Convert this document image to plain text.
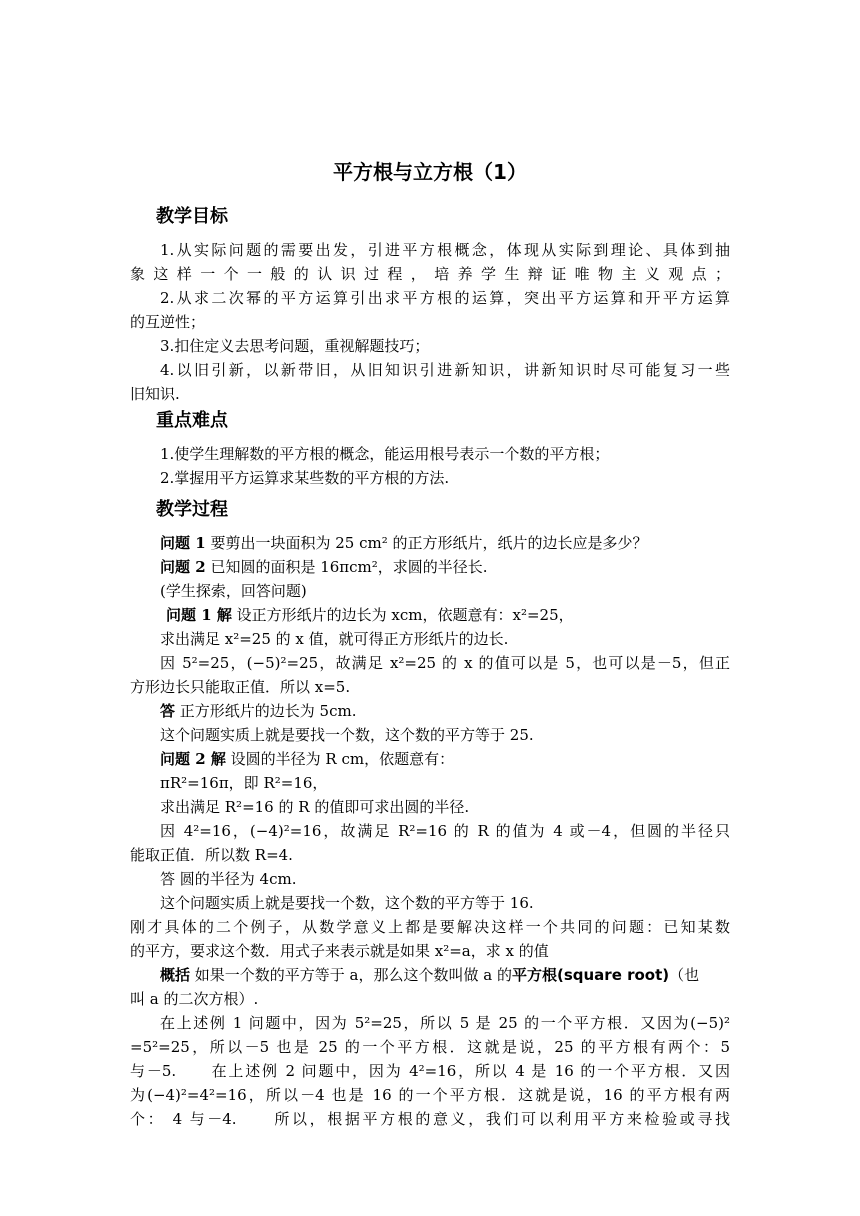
平方根与立方根（1）
教学目标
1.从实际问题的需要出发，引进平方根概念，体现从实际到理论、具体到抽
象这样一个一般的认识过程，培养学生辩证唯物主义观点；
2.从求二次幂的平方运算引出求平方根的运算，突出平方运算和开平方运算
的互逆性；
3.扣住定义去思考问题，重视解题技巧；
4.以旧引新，以新带旧，从旧知识引进新知识，讲新知识时尽可能复习一些
旧知识.
重点难点
1.使学生理解数的平方根的概念，能运用根号表示一个数的平方根；
2.掌握用平方运算求某些数的平方根的方法.
教学过程
问题 1 要剪出一块面积为 25 cm² 的正方形纸片，纸片的边长应是多少？
问题 2 已知圆的面积是 16πcm²，求圆的半径长.
(学生探索，回答问题)
问题 1 解 设正方形纸片的边长为 xcm，依题意有：x²=25，
求出满足 x²=25 的 x 值，就可得正方形纸片的边长.
因 5²=25，(−5)²=25，故满足 x²=25 的 x 的值可以是 5，也可以是－5，但正
方形边长只能取正值．所以 x=5.
答 正方形纸片的边长为 5cm.
这个问题实质上就是要找一个数，这个数的平方等于 25.
问题 2 解 设圆的半径为 R cm，依题意有：
πR²=16π，即 R²=16，
求出满足 R²=16 的 R 的值即可求出圆的半径.
因 4²=16，(−4)²=16，故满足 R²=16 的 R 的值为 4 或－4，但圆的半径只
能取正值．所以数 R=4.
答 圆的半径为 4cm.
这个问题实质上就是要找一个数，这个数的平方等于 16.
刚才具体的二个例子，从数学意义上都是要解决这样一个共同的问题：已知某数
的平方，要求这个数．用式子来表示就是如果 x²=a，求 x 的值
概括 如果一个数的平方等于 a，那么这个数叫做 a 的平方根(square root)（也
叫 a 的二次方根）.
在上述例 1 问题中，因为 5²=25，所以 5 是 25 的一个平方根．又因为(−5)²
=5²=25，所以－5 也是 25 的一个平方根．这就是说，25 的平方根有两个：5
与－5.　　在上述例 2 问题中，因为 4²=16，所以 4 是 16 的一个平方根．又因
为(−4)²=4²=16，所以－4 也是 16 的一个平方根．这就是说，16 的平方根有两
个： 4 与－4.　　所以，根据平方根的意义，我们可以利用平方来检验或寻找
